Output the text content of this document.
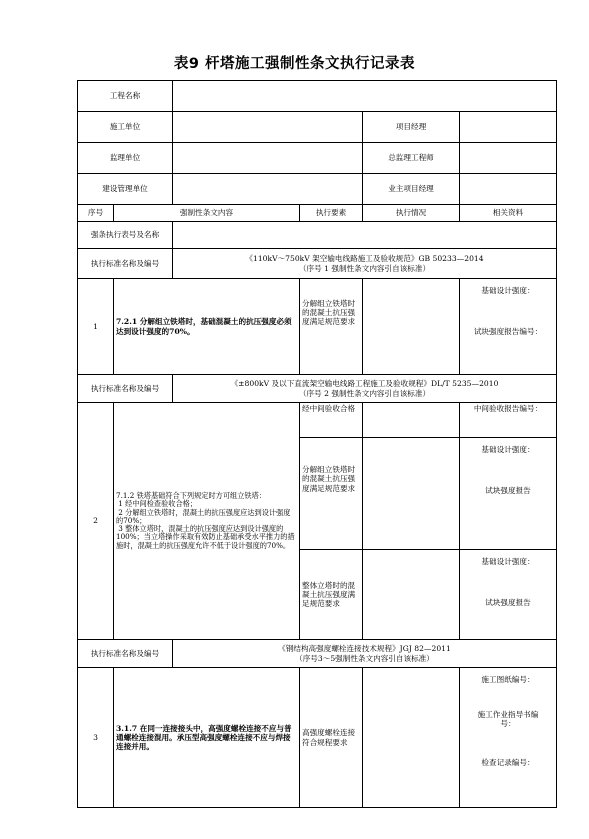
表9 杆塔施工强制性条文执行记录表
工程名称					
施工单位				项目经理	
监理单位				总监理工程师	
建设管理单位				业主项目经理	
序号	强制性条文内容		执行要素	执行情况	相关资料
强条执行表号及名称					
执行标准名称及编号		《110kV～750kV 架空输电线路施工及验收规范》GB 50233—2014
（序号 1 强制性条文内容引自该标准）			

1	7.2.1 分解组立铁塔时，基础混凝土的抗压强度必须达到设计强度的70%。		分解组立铁塔时的混凝土抗压强度满足规范要求		基础设计强度：
试块强度报告编号：

执行标准名称及编号		《±800kV 及以下直流架空输电线路工程施工及验收规程》DL/T 5235—2010
（序号 2 强制性条文内容引自该标准）			

2	7.1.2 铁塔基础符合下列规定时方可组立铁塔：
1 经中间检查验收合格；
2 分解组立铁塔时，混凝土的抗压强度应达到设计强度的70%；
3 整体立塔时，混凝土的抗压强度应达到设计强度的100%；当立塔操作采取有效防止基础承受水平推力的措施时，混凝土的抗压强度允许不低于设计强度的70%。		经中间验收合格		中间验收报告编号：
			分解组立铁塔时的混凝土抗压强度满足规范要求		基础设计强度：
试块强度报告

			整体立塔时的混凝土抗压强度满足规范要求		基础设计强度：
试块强度报告

执行标准名称及编号		《钢结构高强度螺栓连接技术规程》JGJ 82—2011
（序号3～5强制性条文内容引自该标准）			

3	3.1.7 在同一连接接头中，高强度螺栓连接不应与普通螺栓连接混用。承压型高强度螺栓连接不应与焊接连接并用。		高强度螺栓连接符合规程要求		施工图纸编号：
施工作业指导书编号：
检查记录编号：
